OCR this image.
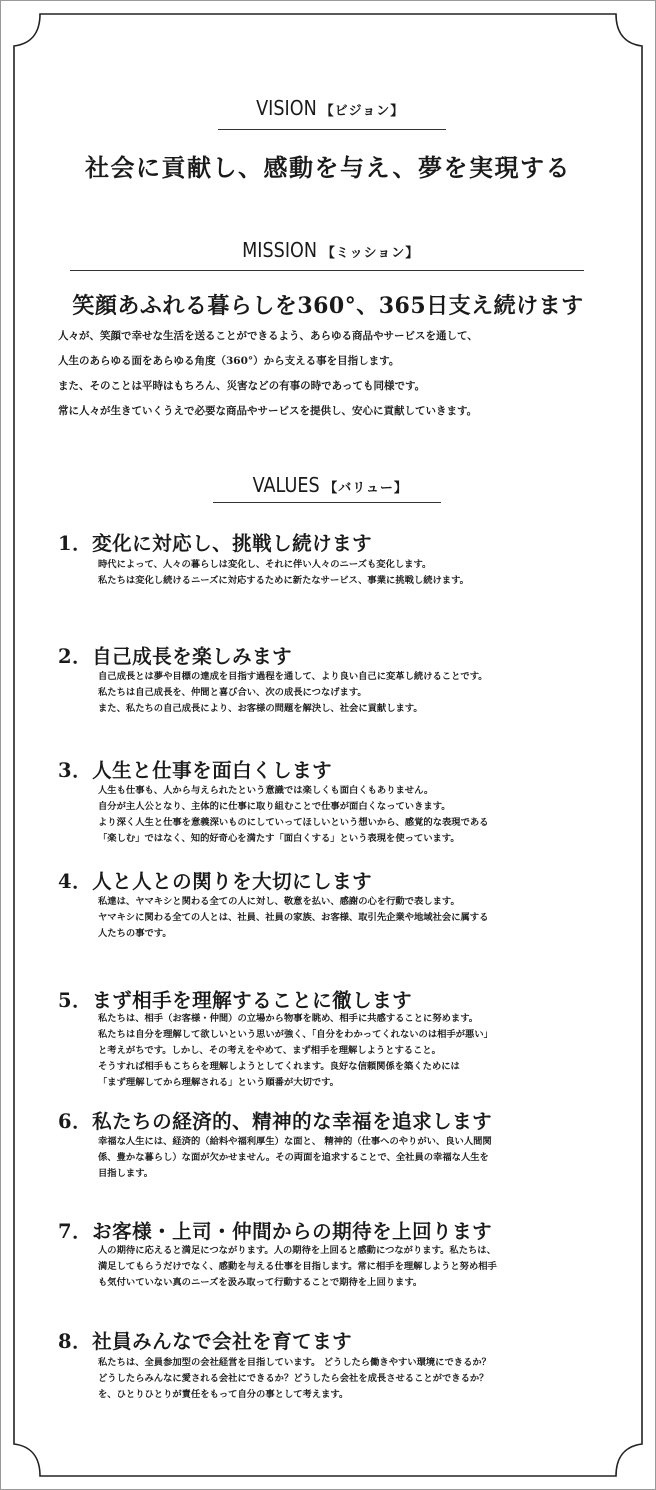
VISION 【ビジョン】
社会に貢献し、感動を与え、夢を実現する
MISSION 【ミッション】
笑顔あふれる暮らしを360°、365日支え続けます
人々が、笑顔で幸せな生活を送ることができるよう、あらゆる商品やサービスを通して、
人生のあらゆる面をあらゆる角度（360°）から支える事を目指します。
また、そのことは平時はもちろん、災害などの有事の時であっても同様です。
常に人々が生きていくうえで必要な商品やサービスを提供し、安心に貢献していきます。
VALUES 【バリュー】
1．変化に対応し、挑戦し続けます
時代によって、人々の暮らしは変化し、それに伴い人々のニーズも変化します。
私たちは変化し続けるニーズに対応するために新たなサービス、事業に挑戦し続けます。
2．自己成長を楽しみます
自己成長とは夢や目標の達成を目指す過程を通して、より良い自己に変革し続けることです。
私たちは自己成長を、仲間と喜び合い、次の成長につなげます。
また、私たちの自己成長により、お客様の問題を解決し、社会に貢献します。
3．人生と仕事を面白くします
人生も仕事も、人から与えられたという意識では楽しくも面白くもありません。
自分が主人公となり、主体的に仕事に取り組むことで仕事が面白くなっていきます。
より深く人生と仕事を意義深いものにしていってほしいという想いから、感覚的な表現である
「楽しむ」ではなく、知的好奇心を満たす「面白くする」という表現を使っています。
4．人と人との関りを大切にします
私達は、ヤマキシと関わる全ての人に対し、敬意を払い、感謝の心を行動で表します。
ヤマキシに関わる全ての人とは、社員、社員の家族、お客様、取引先企業や地域社会に属する
人たちの事です。
5．まず相手を理解することに徹します
私たちは、相手（お客様・仲間）の立場から物事を眺め、相手に共感することに努めます。
私たちは自分を理解して欲しいという思いが強く、「自分をわかってくれないのは相手が悪い」
と考えがちです。しかし、その考えをやめて、まず相手を理解しようとすること。
そうすれば相手もこちらを理解しようとしてくれます。良好な信頼関係を築くためには
「まず理解してから理解される」という順番が大切です。
6．私たちの経済的、精神的な幸福を追求します
幸福な人生には、経済的（給料や福利厚生）な面と、 精神的（仕事へのやりがい、良い人間関
係、豊かな暮らし）な面が欠かせません。その両面を追求することで、全社員の幸福な人生を
目指します。
7．お客様・上司・仲間からの期待を上回ります
人の期待に応えると満足につながります。人の期待を上回ると感動につながります。私たちは、
満足してもらうだけでなく、感動を与える仕事を目指します。常に相手を理解しようと努め相手
も気付いていない真のニーズを汲み取って行動することで期待を上回ります。
8．社員みんなで会社を育てます
私たちは、全員参加型の会社経営を目指しています。 どうしたら働きやすい環境にできるか？
どうしたらみんなに愛される会社にできるか？どうしたら会社を成長させることができるか？
を、ひとりひとりが責任をもって自分の事として考えます。
